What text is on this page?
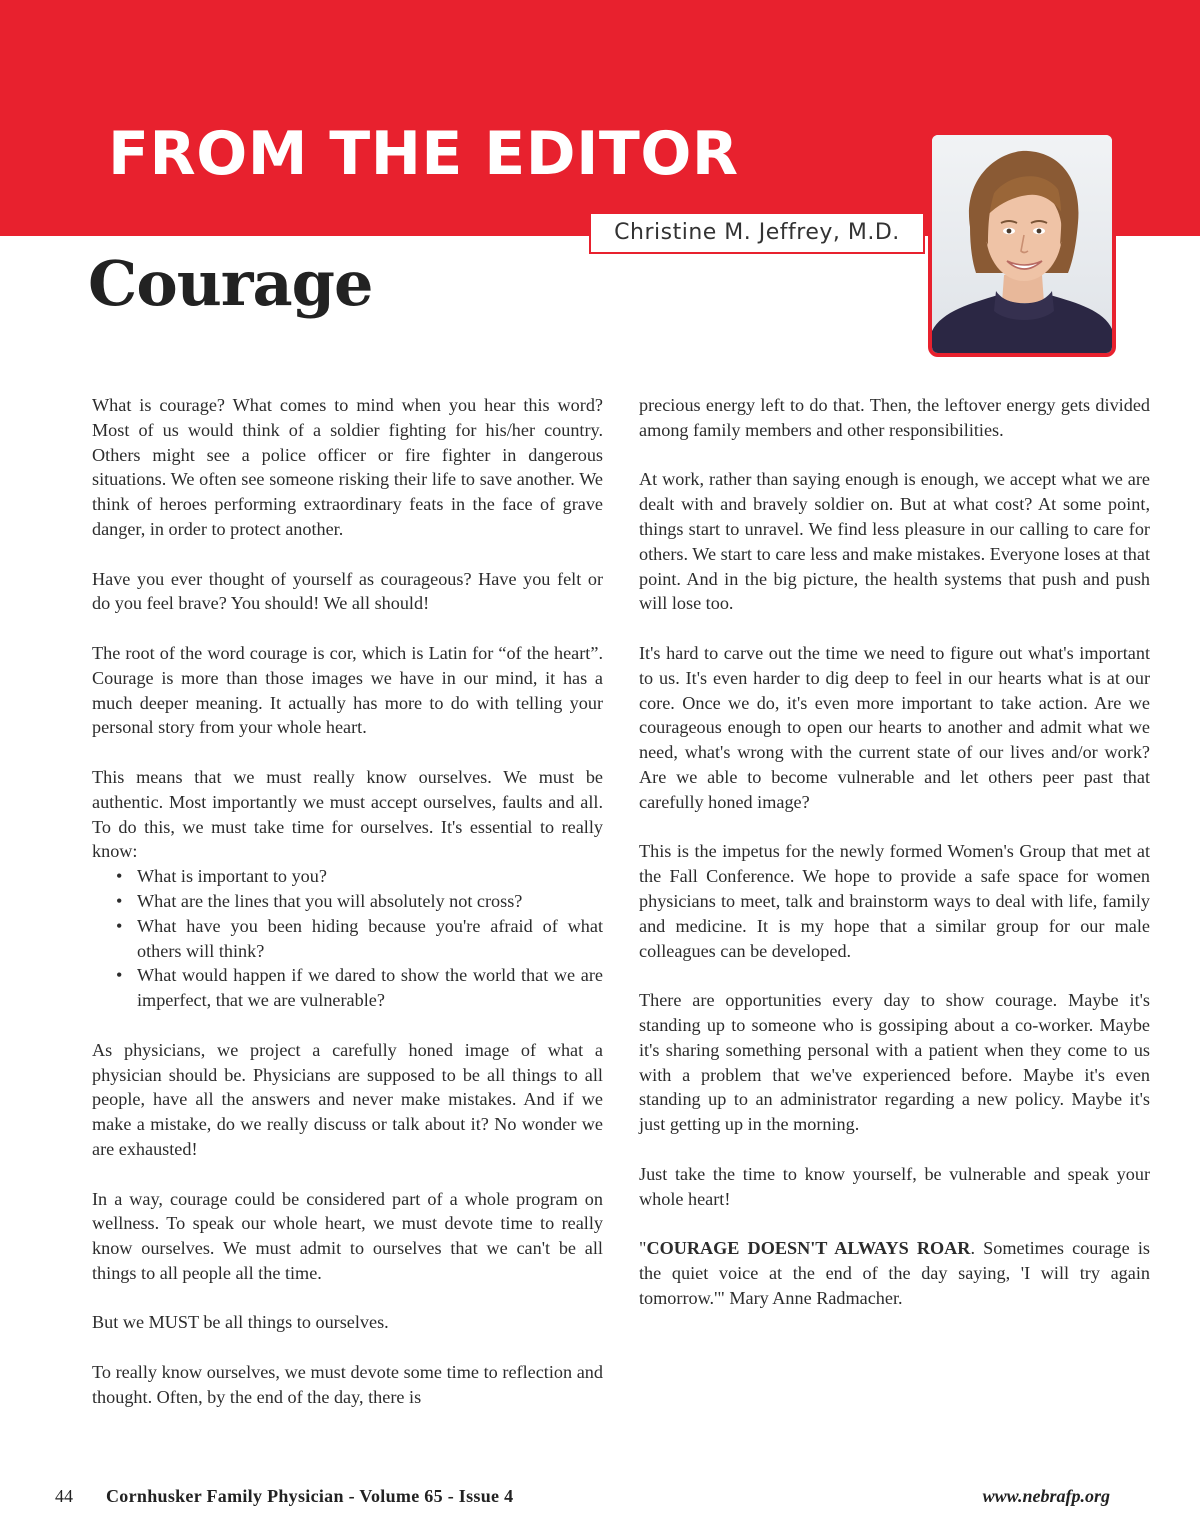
FROM THE EDITOR
Christine M. Jeffrey, M.D.
Courage

What is courage? What comes to mind when you hear this word? Most of us would think of a soldier fighting for his/her country. Others might see a police officer or fire fighter in dangerous situations. We often see someone risking their life to save another. We think of heroes performing extraordinary feats in the face of grave danger, in order to protect another.

Have you ever thought of yourself as courageous? Have you felt or do you feel brave? You should! We all should!

The root of the word courage is cor, which is Latin for “of the heart”. Courage is more than those images we have in our mind, it has a much deeper meaning. It actually has more to do with telling your personal story from your whole heart.

This means that we must really know ourselves. We must be authentic. Most importantly we must accept ourselves, faults and all. To do this, we must take time for ourselves. It's essential to really know:

• What is important to you?
• What are the lines that you will absolutely not cross?
• What have you been hiding because you're afraid of what others will think?
• What would happen if we dared to show the world that we are imperfect, that we are vulnerable?

As physicians, we project a carefully honed image of what a physician should be. Physicians are supposed to be all things to all people, have all the answers and never make mistakes. And if we make a mistake, do we really discuss or talk about it? No wonder we are exhausted!

In a way, courage could be considered part of a whole program on wellness. To speak our whole heart, we must devote time to really know ourselves. We must admit to ourselves that we can't be all things to all people all the time.

But we MUST be all things to ourselves.

To really know ourselves, we must devote some time to reflection and thought. Often, by the end of the day, there is

precious energy left to do that. Then, the leftover energy gets divided among family members and other responsibilities.

At work, rather than saying enough is enough, we accept what we are dealt with and bravely soldier on. But at what cost? At some point, things start to unravel. We find less pleasure in our calling to care for others. We start to care less and make mistakes. Everyone loses at that point. And in the big picture, the health systems that push and push will lose too.

It's hard to carve out the time we need to figure out what's important to us. It's even harder to dig deep to feel in our hearts what is at our core. Once we do, it's even more important to take action. Are we courageous enough to open our hearts to another and admit what we need, what's wrong with the current state of our lives and/or work? Are we able to become vulnerable and let others peer past that carefully honed image?

This is the impetus for the newly formed Women's Group that met at the Fall Conference. We hope to provide a safe space for women physicians to meet, talk and brainstorm ways to deal with life, family and medicine. It is my hope that a similar group for our male colleagues can be developed.

There are opportunities every day to show courage. Maybe it's standing up to someone who is gossiping about a co-worker. Maybe it's sharing something personal with a patient when they come to us with a problem that we've experienced before. Maybe it's even standing up to an administrator regarding a new policy. Maybe it's just getting up in the morning.

Just take the time to know yourself, be vulnerable and speak your whole heart!

"COURAGE DOESN'T ALWAYS ROAR. Sometimes courage is the quiet voice at the end of the day saying, 'I will try again tomorrow.'" Mary Anne Radmacher.

44 Cornhusker Family Physician - Volume 65 - Issue 4	www.nebrafp.org
